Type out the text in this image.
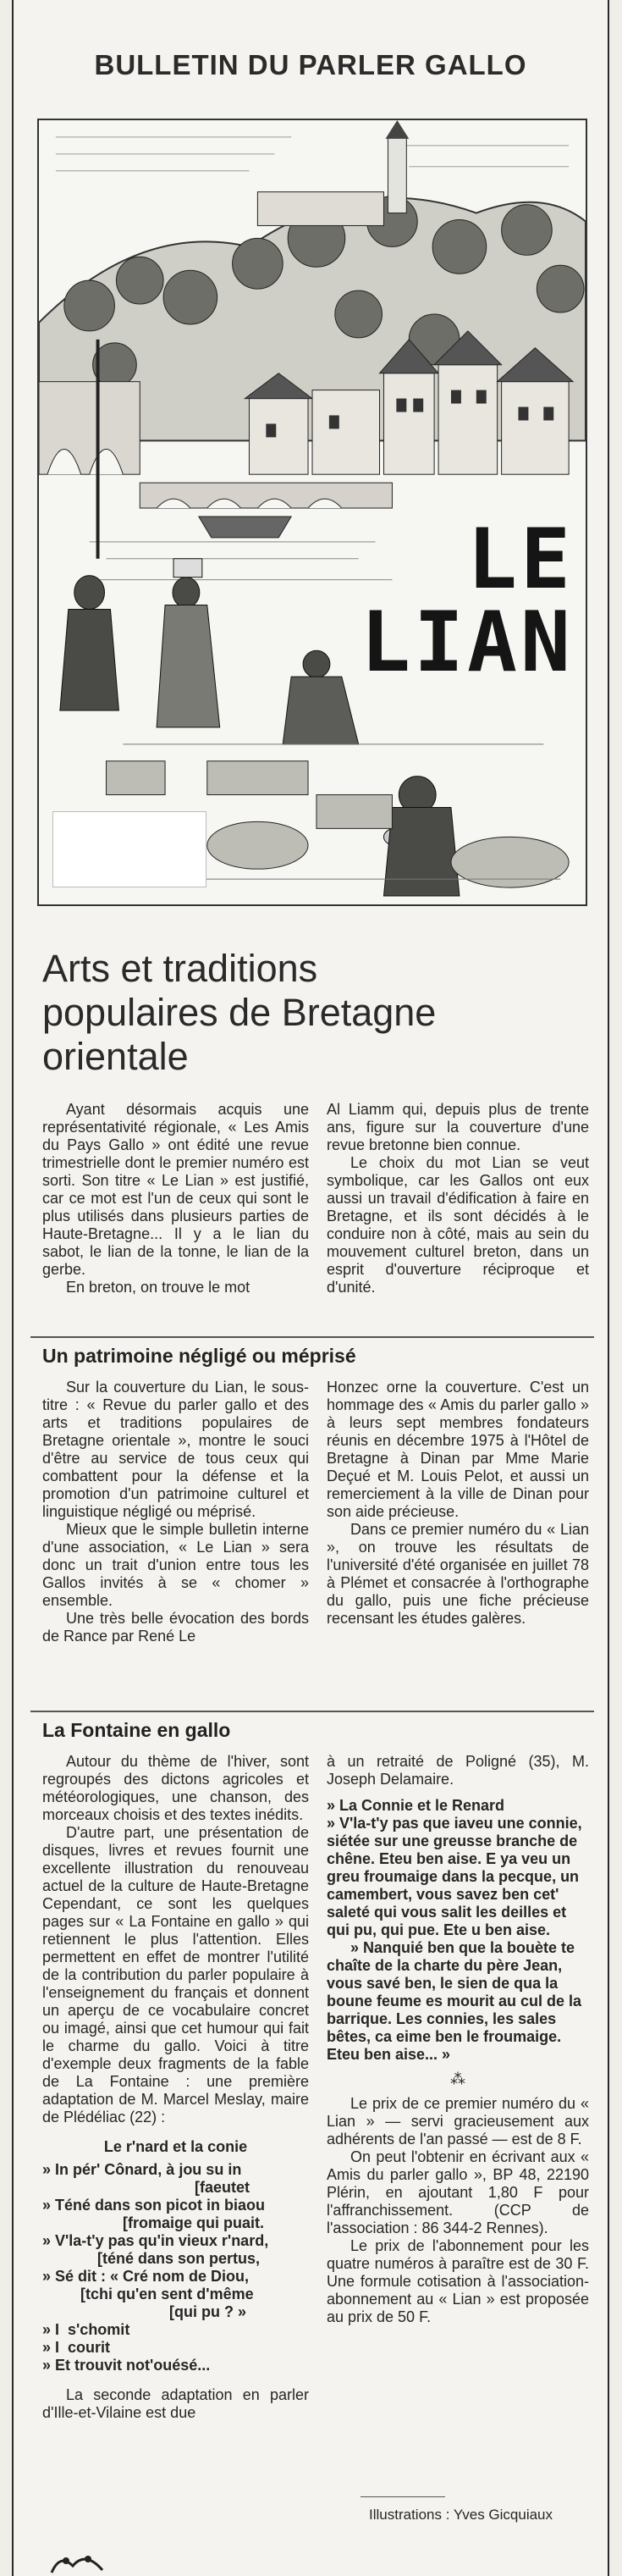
BULLETIN DU PARLER GALLO
LE
LIAN
Arts et traditions
populaires de Bretagne
orientale

Ayant désormais acquis une représentativité régionale, « Les Amis du Pays Gallo » ont édité une revue trimestrielle dont le premier numéro est sorti. Son titre « Le Lian » est justifié, car ce mot est l'un de ceux qui sont le plus utilisés dans plusieurs parties de Haute-Bretagne... Il y a le lian du sabot, le lian de la tonne, le lian de la gerbe.

En breton, on trouve le mot

Al Liamm qui, depuis plus de trente ans, figure sur la couverture d'une revue bretonne bien connue.

Le choix du mot Lian se veut symbolique, car les Gallos ont eux aussi un travail d'édification à faire en Bretagne, et ils sont décidés à le conduire non à côté, mais au sein du mouvement culturel breton, dans un esprit d'ouverture réciproque et d'unité.

Un patrimoine négligé ou méprisé

Sur la couverture du Lian, le sous-titre : « Revue du parler gallo et des arts et traditions populaires de Bretagne orientale », montre le souci d'être au service de tous ceux qui combattent pour la défense et la promotion d'un patrimoine culturel et linguistique négligé ou méprisé.

Mieux que le simple bulletin interne d'une association, « Le Lian » sera donc un trait d'union entre tous les Gallos invités à se « chomer » ensemble.

Une très belle évocation des bords de Rance par René Le

Honzec orne la couverture. C'est un hommage des « Amis du parler gallo » à leurs sept membres fondateurs réunis en décembre 1975 à l'Hôtel de Bretagne à Dinan par Mme Marie Deçué et M. Louis Pelot, et aussi un remerciement à la ville de Dinan pour son aide précieuse.

Dans ce premier numéro du « Lian », on trouve les résultats de l'université d'été organisée en juillet 78 à Plémet et consacrée à l'orthographe du gallo, puis une fiche précieuse recensant les études galères.

La Fontaine en gallo

Autour du thème de l'hiver, sont regroupés des dictons agricoles et météorologiques, une chanson, des morceaux choisis et des textes inédits.

D'autre part, une présentation de disques, livres et revues fournit une excellente illustration du renouveau actuel de la culture de Haute-Bretagne Cependant, ce sont les quelques pages sur « La Fontaine en gallo » qui retiennent le plus l'attention. Elles permettent en effet de montrer l'utilité de la contribution du parler populaire à l'enseignement du français et donnent un aperçu de ce vocabulaire concret ou imagé, ainsi que cet humour qui fait le charme du gallo. Voici à titre d'exemple deux fragments de la fable de La Fontaine : une première adaptation de M. Marcel Meslay, maire de Plédéliac (22) :

Le r'nard et la conie
» In pér' Cônard, à jou su in
[faeutet
» Téné dans son picot in biaou
[fromaige qui puait.
» V'la-t'y pas qu'in vieux r'nard,
[téné dans son pertus,
» Sé dit : « Cré nom de Diou,
[tchi qu'en sent d'même
[qui pu ? »
» I  s'chomit
» I  courit
» Et trouvit not'ouésé...

La seconde adaptation en parler d'Ille-et-Vilaine est due

à un retraité de Poligné (35), M. Joseph Delamaire.

» La Connie et le Renard

» V'la-t'y pas que iaveu une connie, siétée sur une greusse branche de chêne. Eteu ben aise. E ya veu un greu froumaige dans la pecque, un camembert, vous savez ben cet' saleté qui vous salit les deilles et qui pu, qui pue. Ete u ben aise.

» Nanquié ben que la bouète te chaîte de la charte du père Jean, vous savé ben, le sien de qua la boune feume es mourit au cul de la barrique. Les connies, les sales bêtes, ca eime ben le froumaige. Eteu ben aise... »

⁂

Le prix de ce premier numéro du « Lian » — servi gracieusement aux adhérents de l'an passé — est de 8 F.

On peut l'obtenir en écrivant aux « Amis du parler gallo », BP 48, 22190 Plérin, en ajoutant 1,80 F pour l'affranchissement. (CCP de l'association : 86 344-2 Rennes).

Le prix de l'abonnement pour les quatre numéros à paraître est de 30 F. Une formule cotisation à l'association-abonnement au « Lian » est proposée au prix de 50 F.

Illustrations : Yves Gicquiaux
